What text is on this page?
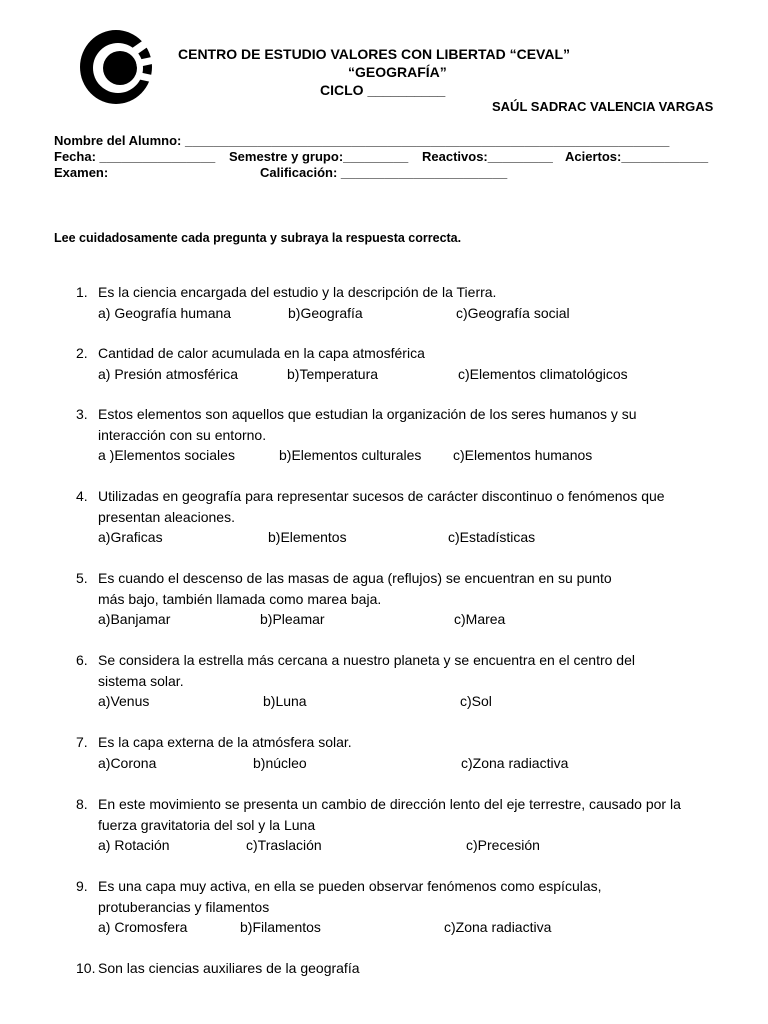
CENTRO DE ESTUDIO VALORES CON LIBERTAD “CEVAL”
“GEOGRAFÍA”
CICLO __________
SAÚL SADRAC VALENCIA VARGAS
Nombre del Alumno: ___________________________________________________________________
Fecha: ________________ Semestre y grupo:_________ Reactivos:_________ Aciertos:____________
Examen:	Calificación: _______________________
Lee cuidadosamente cada pregunta y subraya la respuesta correcta.
1. Es la ciencia encargada del estudio y la descripción de la Tierra.
a) Geografía humana	b)Geografía	c)Geografía social
2. Cantidad de calor acumulada en la capa atmosférica
a) Presión atmosférica	b)Temperatura	c)Elementos climatológicos
3. Estos elementos son aquellos que estudian la organización de los seres humanos y su
interacción con su entorno.
a )Elementos sociales	b)Elementos culturales c)Elementos humanos
4. Utilizadas en geografía para representar sucesos de carácter discontinuo o fenómenos que
presentan aleaciones.
a)Graficas	b)Elementos	c)Estadísticas
5. Es cuando el descenso de las masas de agua (reflujos) se encuentran en su punto
más bajo, también llamada como marea baja.
a)Banjamar	b)Pleamar	c)Marea
6. Se considera la estrella más cercana a nuestro planeta y se encuentra en el centro del
sistema solar.
a)Venus	b)Luna	c)Sol
7. Es la capa externa de la atmósfera solar.
a)Corona	b)núcleo	c)Zona radiactiva
8. En este movimiento se presenta un cambio de dirección lento del eje terrestre, causado por la
fuerza gravitatoria del sol y la Luna
a) Rotación	c)Traslación	c)Precesión
9. Es una capa muy activa, en ella se pueden observar fenómenos como espículas,
protuberancias y filamentos
a) Cromosfera	b)Filamentos	c)Zona radiactiva
10. Son las ciencias auxiliares de la geografía
